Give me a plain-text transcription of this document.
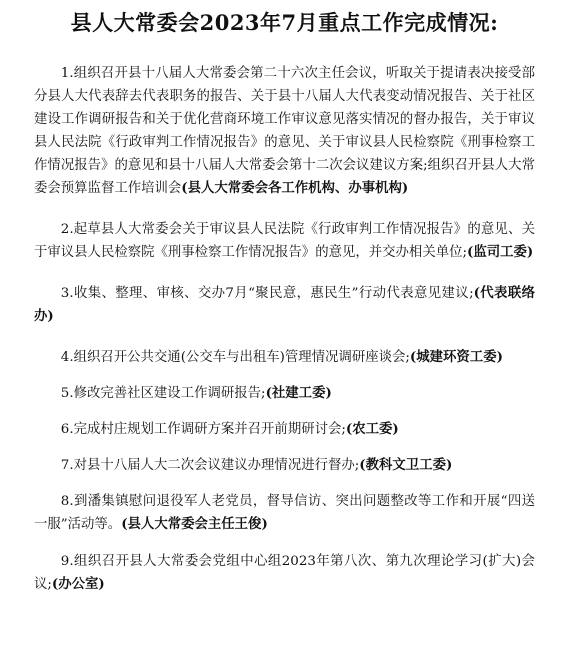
县人大常委会2023年7月重点工作完成情况:

1.组织召开县十八届人大常委会第二十六次主任会议，听取关于提请表决接受部分县人大代表辞去代表职务的报告、关于县十八届人大代表变动情况报告、关于社区建设工作调研报告和关于优化营商环境工作审议意见落实情况的督办报告，关于审议县人民法院《行政审判工作情况报告》的意见、关于审议县人民检察院《刑事检察工作情况报告》的意见和县十八届人大常委会第十二次会议建议方案;组织召开县人大常委会预算监督工作培训会(县人大常委会各工作机构、办事机构)

2.起草县人大常委会关于审议县人民法院《行政审判工作情况报告》的意见、关于审议县人民检察院《刑事检察工作情况报告》的意见，并交办相关单位;(监司工委)

3.收集、整理、审核、交办7月“聚民意，惠民生”行动代表意见建议;(代表联络办)

4.组织召开公共交通(公交车与出租车)管理情况调研座谈会;(城建环资工委)

5.修改完善社区建设工作调研报告;(社建工委)

6.完成村庄规划工作调研方案并召开前期研讨会;(农工委)

7.对县十八届人大二次会议建议办理情况进行督办;(教科文卫工委)

8.到潘集镇慰问退役军人老党员，督导信访、突出问题整改等工作和开展“四送一服”活动等。(县人大常委会主任王俊)

9.组织召开县人大常委会党组中心组2023年第八次、第九次理论学习(扩大)会议;(办公室)
